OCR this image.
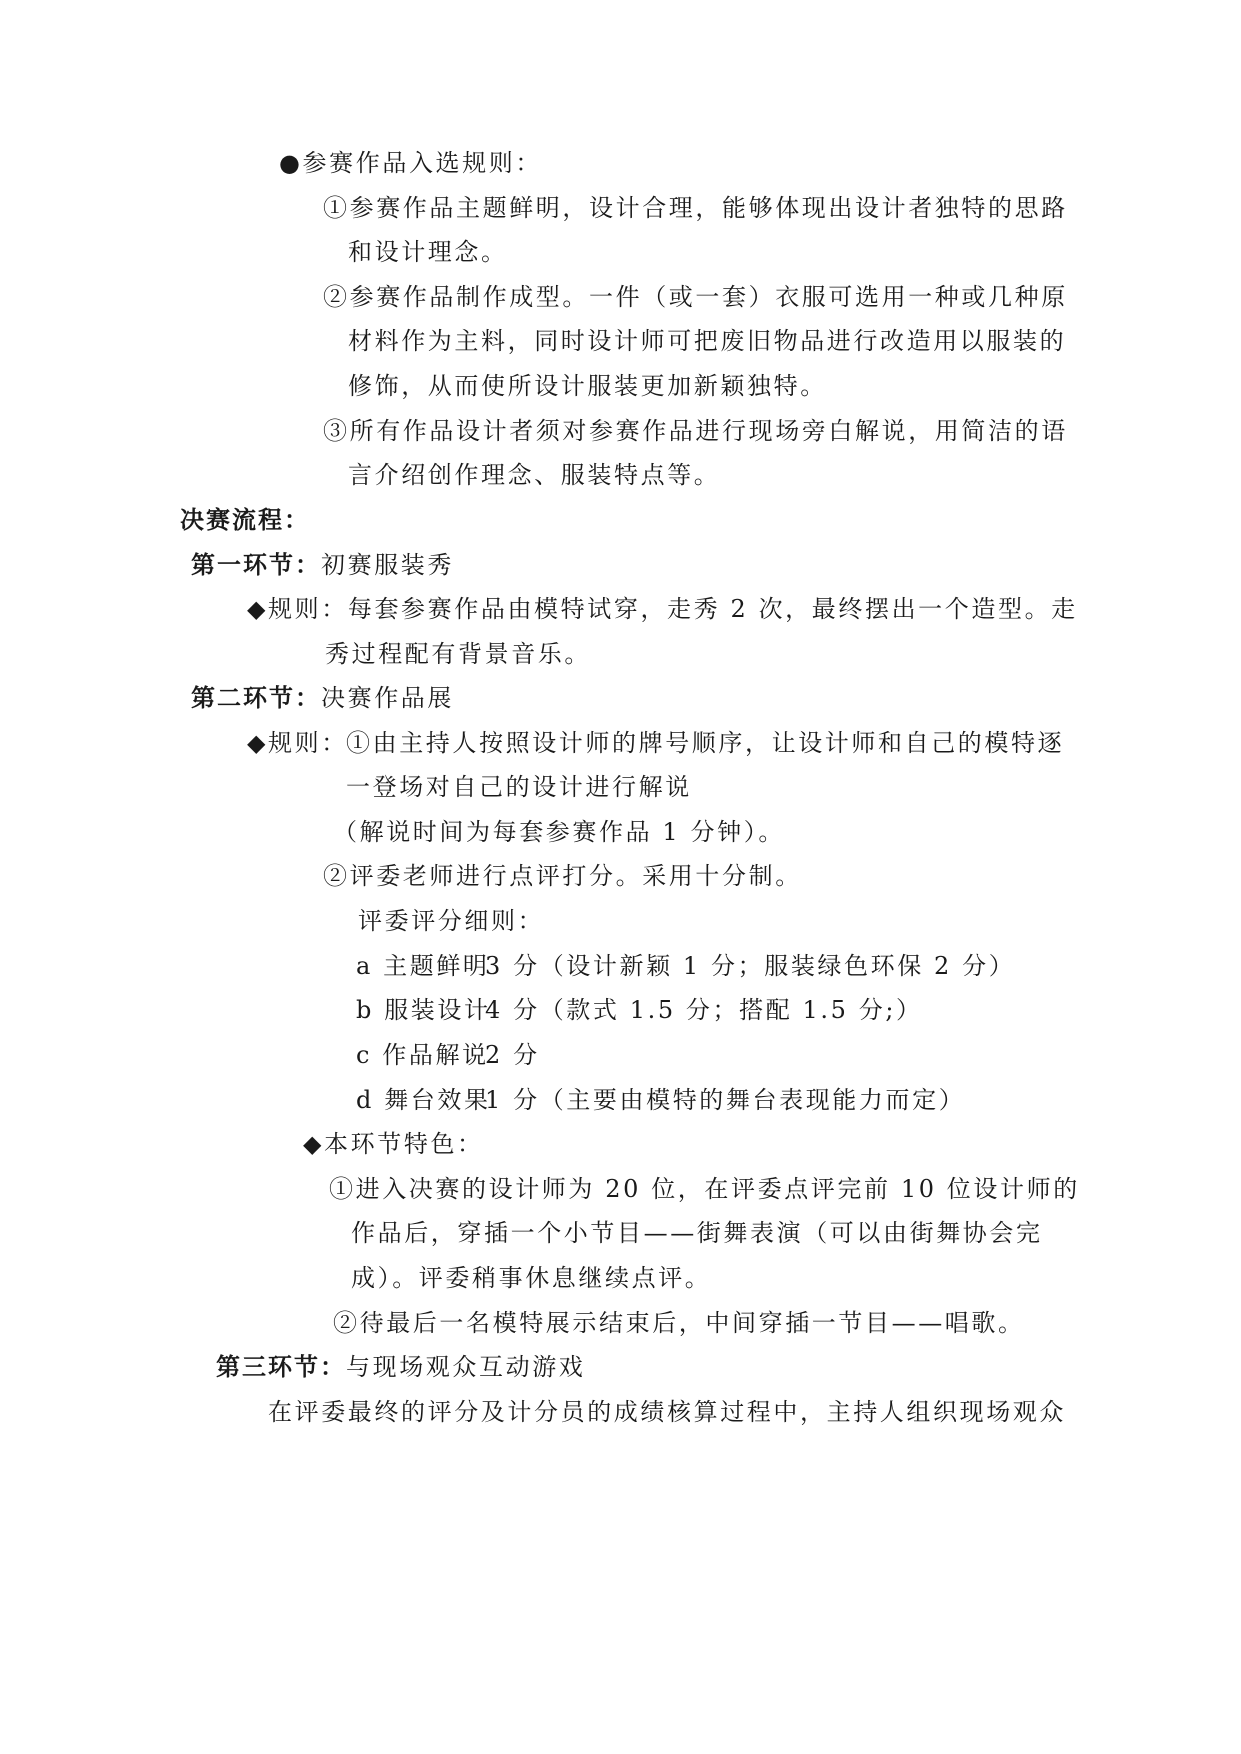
●参赛作品入选规则：
①参赛作品主题鲜明，设计合理，能够体现出设计者独特的思路
和设计理念。
②参赛作品制作成型。一件（或一套）衣服可选用一种或几种原
材料作为主料，同时设计师可把废旧物品进行改造用以服装的
修饰，从而使所设计服装更加新颖独特。
③所有作品设计者须对参赛作品进行现场旁白解说，用简洁的语
言介绍创作理念、服装特点等。
决赛流程：
第一环节：初赛服装秀
◆规则：每套参赛作品由模特试穿，走秀 2 次，最终摆出一个造型。走
秀过程配有背景音乐。
第二环节：决赛作品展
◆规则：
①由主持人按照设计师的牌号顺序，让设计师和自己的模特逐
一登场对自己的设计进行解说
（解说时间为每套参赛作品 1 分钟）。
②评委老师进行点评打分。采用十分制。
评委评分细则：
a 主题鲜明
3 分（设计新颖 1 分；服装绿色环保 2 分）
b 服装设计
4 分（款式 1.5 分；搭配 1.5 分;）
c 作品解说
2 分
d 舞台效果
1 分（主要由模特的舞台表现能力而定）
◆本环节特色：
①进入决赛的设计师为 20 位，在评委点评完前 10 位设计师的
作品后，穿插一个小节目——街舞表演（可以由街舞协会完
成）。评委稍事休息继续点评。
②待最后一名模特展示结束后，中间穿插一节目——唱歌。
第三环节：与现场观众互动游戏
在评委最终的评分及计分员的成绩核算过程中，主持人组织现场观众
